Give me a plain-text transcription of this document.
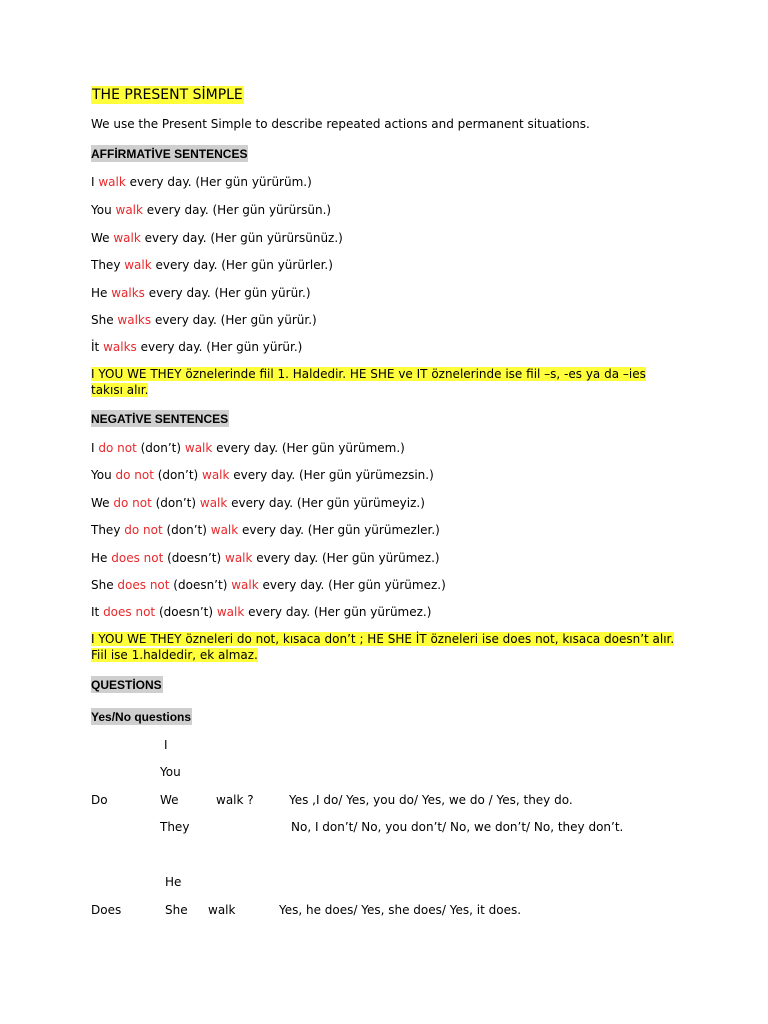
THE PRESENT SİMPLE
We use the Present Simple to describe repeated actions and permanent situations.
AFFİRMATİVE SENTENCES
I walk every day. (Her gün yürürüm.)
You walk every day. (Her gün yürürsün.)
We walk every day. (Her gün yürürsünüz.)
They walk every day. (Her gün yürürler.)
He walks every day. (Her gün yürür.)
She walks every day. (Her gün yürür.)
İt walks every day. (Her gün yürür.)
I YOU WE THEY öznelerinde fiil 1. Haldedir. HE SHE ve IT öznelerinde ise fiil –s, -es ya da –ies takısı alır.
NEGATİVE SENTENCES
I do not (don’t) walk every day. (Her gün yürümem.)
You do not (don’t) walk every day. (Her gün yürümezsin.)
We do not (don’t) walk every day. (Her gün yürümeyiz.)
They do not (don’t) walk every day. (Her gün yürümezler.)
He does not (doesn’t) walk every day. (Her gün yürümez.)
She does not (doesn’t) walk every day. (Her gün yürümez.)
It does not (doesn’t) walk every day. (Her gün yürümez.)
I YOU WE THEY özneleri do not, kısaca don’t ; HE SHE İT özneleri ise does not, kısaca doesn’t alır. Fiil ise 1.haldedir, ek almaz.
QUESTİONS
Yes/No questions
I
You
Do	We	walk ?	Yes ,I do/ Yes, you do/ Yes, we do / Yes, they do.
They	No, I don’t/ No, you don’t/ No, we don’t/ No, they don’t.
He
Does	She walk	Yes, he does/ Yes, she does/ Yes, it does.
